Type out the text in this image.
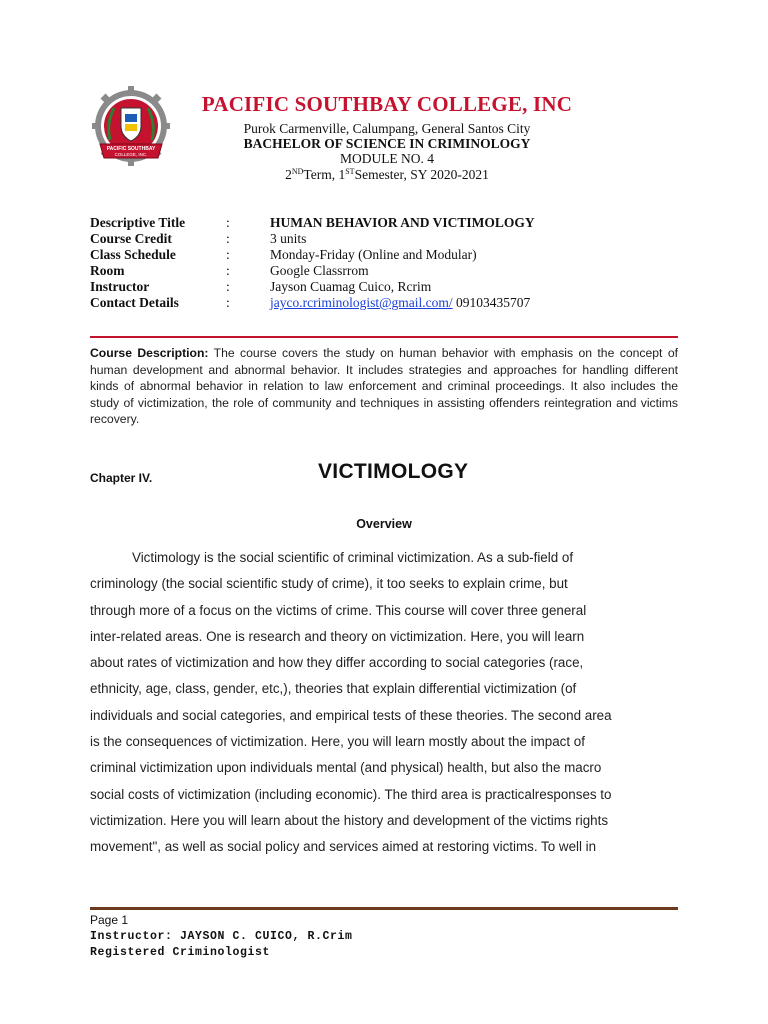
PACIFIC SOUTHBAY
COLLEGE, INC.
PACIFIC SOUTHBAY COLLEGE, INC
Purok Carmenville, Calumpang, General Santos City
BACHELOR OF SCIENCE IN CRIMINOLOGY
MODULE NO. 4
2NDTerm, 1STSemester, SY 2020-2021
Descriptive Title	:	HUMAN BEHAVIOR AND VICTIMOLOGY
Course Credit	:	3 units
Class Schedule	:	Monday-Friday (Online and Modular)
Room	:	Google Classrrom
Instructor	:	Jayson Cuamag Cuico, Rcrim
Contact Details	:	jayco.rcriminologist@gmail.com/ 09103435707
Course Description: The course covers the study on human behavior with emphasis on the concept of human development and abnormal behavior. It includes strategies and approaches for handling different kinds of abnormal behavior in relation to law enforcement and criminal proceedings. It also includes the study of victimization, the role of community and techniques in assisting offenders reintegration and victims recovery.
Chapter IV.	VICTIMOLOGY
Overview
Victimology is the social scientific of criminal victimization. As a sub-field of
criminology (the social scientific study of crime), it too seeks to explain crime, but
through more of a focus on the victims of crime. This course will cover three general
inter-related areas. One is research and theory on victimization. Here, you will learn
about rates of victimization and how they differ according to social categories (race,
ethnicity, age, class, gender, etc,), theories that explain differential victimization (of
individuals and social categories, and empirical tests of these theories. The second area
is the consequences of victimization. Here, you will learn mostly about the impact of
criminal victimization upon individuals mental (and physical) health, but also the macro
social costs of victimization (including economic). The third area is practicalresponses to
victimization. Here you will learn about the history and development of the victims rights
movement", as well as social policy and services aimed at restoring victims. To well in
Page 1
Instructor: JAYSON C. CUICO, R.Crim
Registered Criminologist
